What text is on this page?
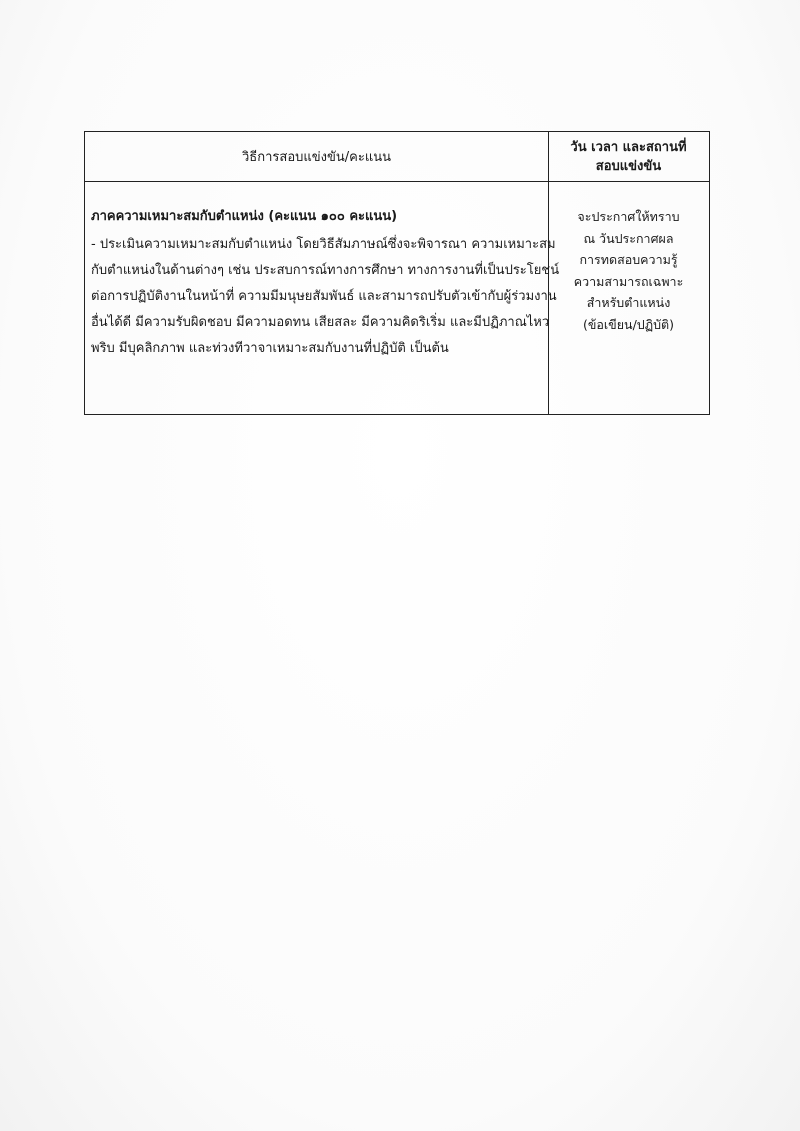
วิธีการสอบแข่งขัน/คะแนน
วัน เวลา และสถานที่
สอบแข่งขัน
ภาคความเหมาะสมกับตำแหน่ง (คะแนน ๑๐๐ คะแนน)
- ประเมินความเหมาะสมกับตำแหน่ง โดยวิธีสัมภาษณ์ซึ่งจะพิจารณา ความเหมาะสม
กับตำแหน่งในด้านต่างๆ เช่น ประสบการณ์ทางการศึกษา ทางการงานที่เป็นประโยชน์
ต่อการปฏิบัติงานในหน้าที่ ความมีมนุษยสัมพันธ์ และสามารถปรับตัวเข้ากับผู้ร่วมงาน
อื่นได้ดี มีความรับผิดชอบ มีความอดทน เสียสละ มีความคิดริเริ่ม และมีปฏิภาณไหว
พริบ มีบุคลิกภาพ และท่วงทีวาจาเหมาะสมกับงานที่ปฏิบัติ เป็นต้น
จะประกาศให้ทราบ
ณ วันประกาศผล
การทดสอบความรู้
ความสามารถเฉพาะ
สำหรับตำแหน่ง
(ข้อเขียน/ปฏิบัติ)
